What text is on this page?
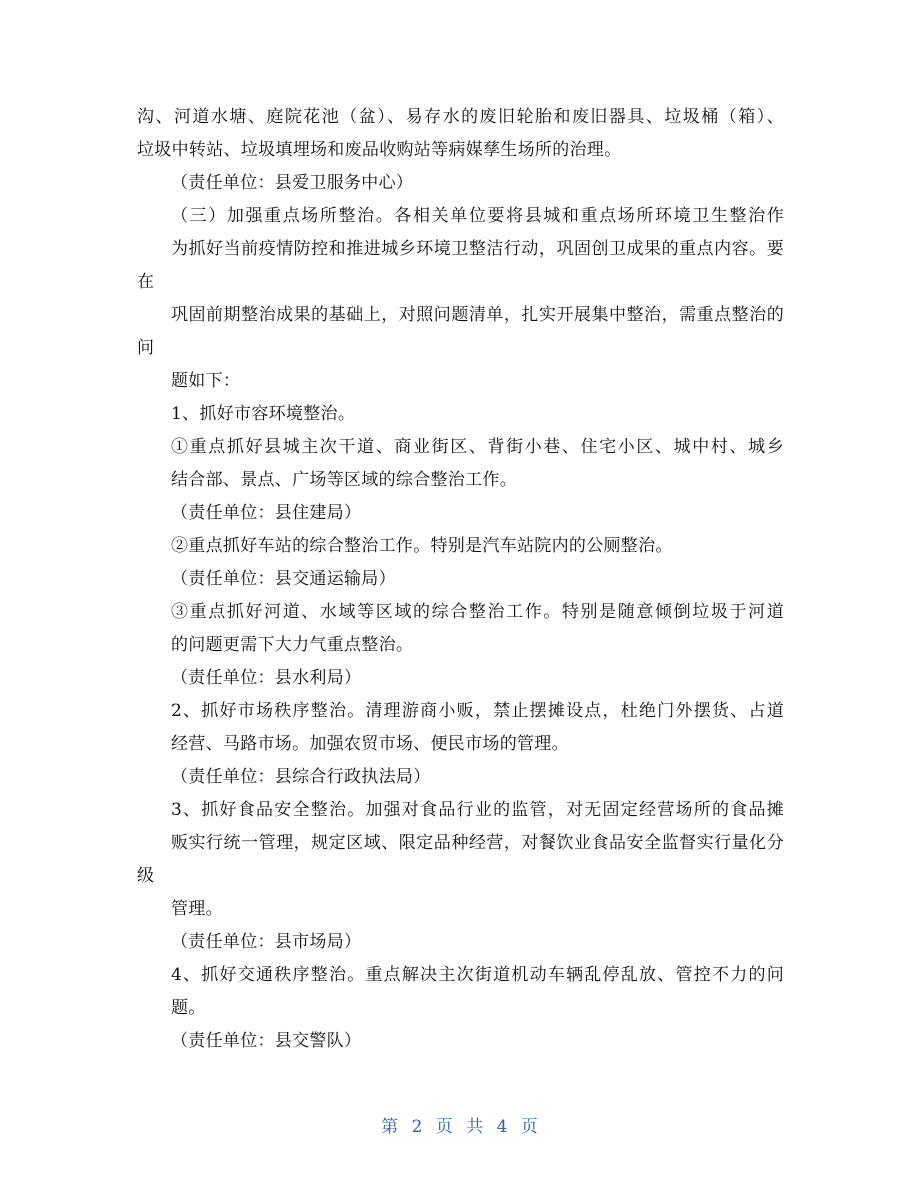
沟、河道水塘、庭院花池（盆）、易存水的废旧轮胎和废旧器具、垃圾桶（箱）、
垃圾中转站、垃圾填埋场和废品收购站等病媒孳生场所的治理。

（责任单位：县爱卫服务中心）

（三）加强重点场所整治。各相关单位要将县城和重点场所环境卫生整治作
为抓好当前疫情防控和推进城乡环境卫整洁行动，巩固创卫成果的重点内容。要在
巩固前期整治成果的基础上，对照问题清单，扎实开展集中整治，需重点整治的问
题如下：

1、抓好市容环境整治。

①重点抓好县城主次干道、商业街区、背街小巷、住宅小区、城中村、城乡
结合部、景点、广场等区域的综合整治工作。

（责任单位：县住建局）

②重点抓好车站的综合整治工作。特别是汽车站院内的公厕整治。

（责任单位：县交通运输局）

③重点抓好河道、水域等区域的综合整治工作。特别是随意倾倒垃圾于河道
的问题更需下大力气重点整治。

（责任单位：县水利局）

2、抓好市场秩序整治。清理游商小贩，禁止摆摊设点，杜绝门外摆货、占道
经营、马路市场。加强农贸市场、便民市场的管理。

（责任单位：县综合行政执法局）

3、抓好食品安全整治。加强对食品行业的监管，对无固定经营场所的食品摊
贩实行统一管理，规定区域、限定品种经营，对餐饮业食品安全监督实行量化分级
管理。

（责任单位：县市场局）

4、抓好交通秩序整治。重点解决主次街道机动车辆乱停乱放、管控不力的问
题。

（责任单位：县交警队）

第 2 页 共 4 页
